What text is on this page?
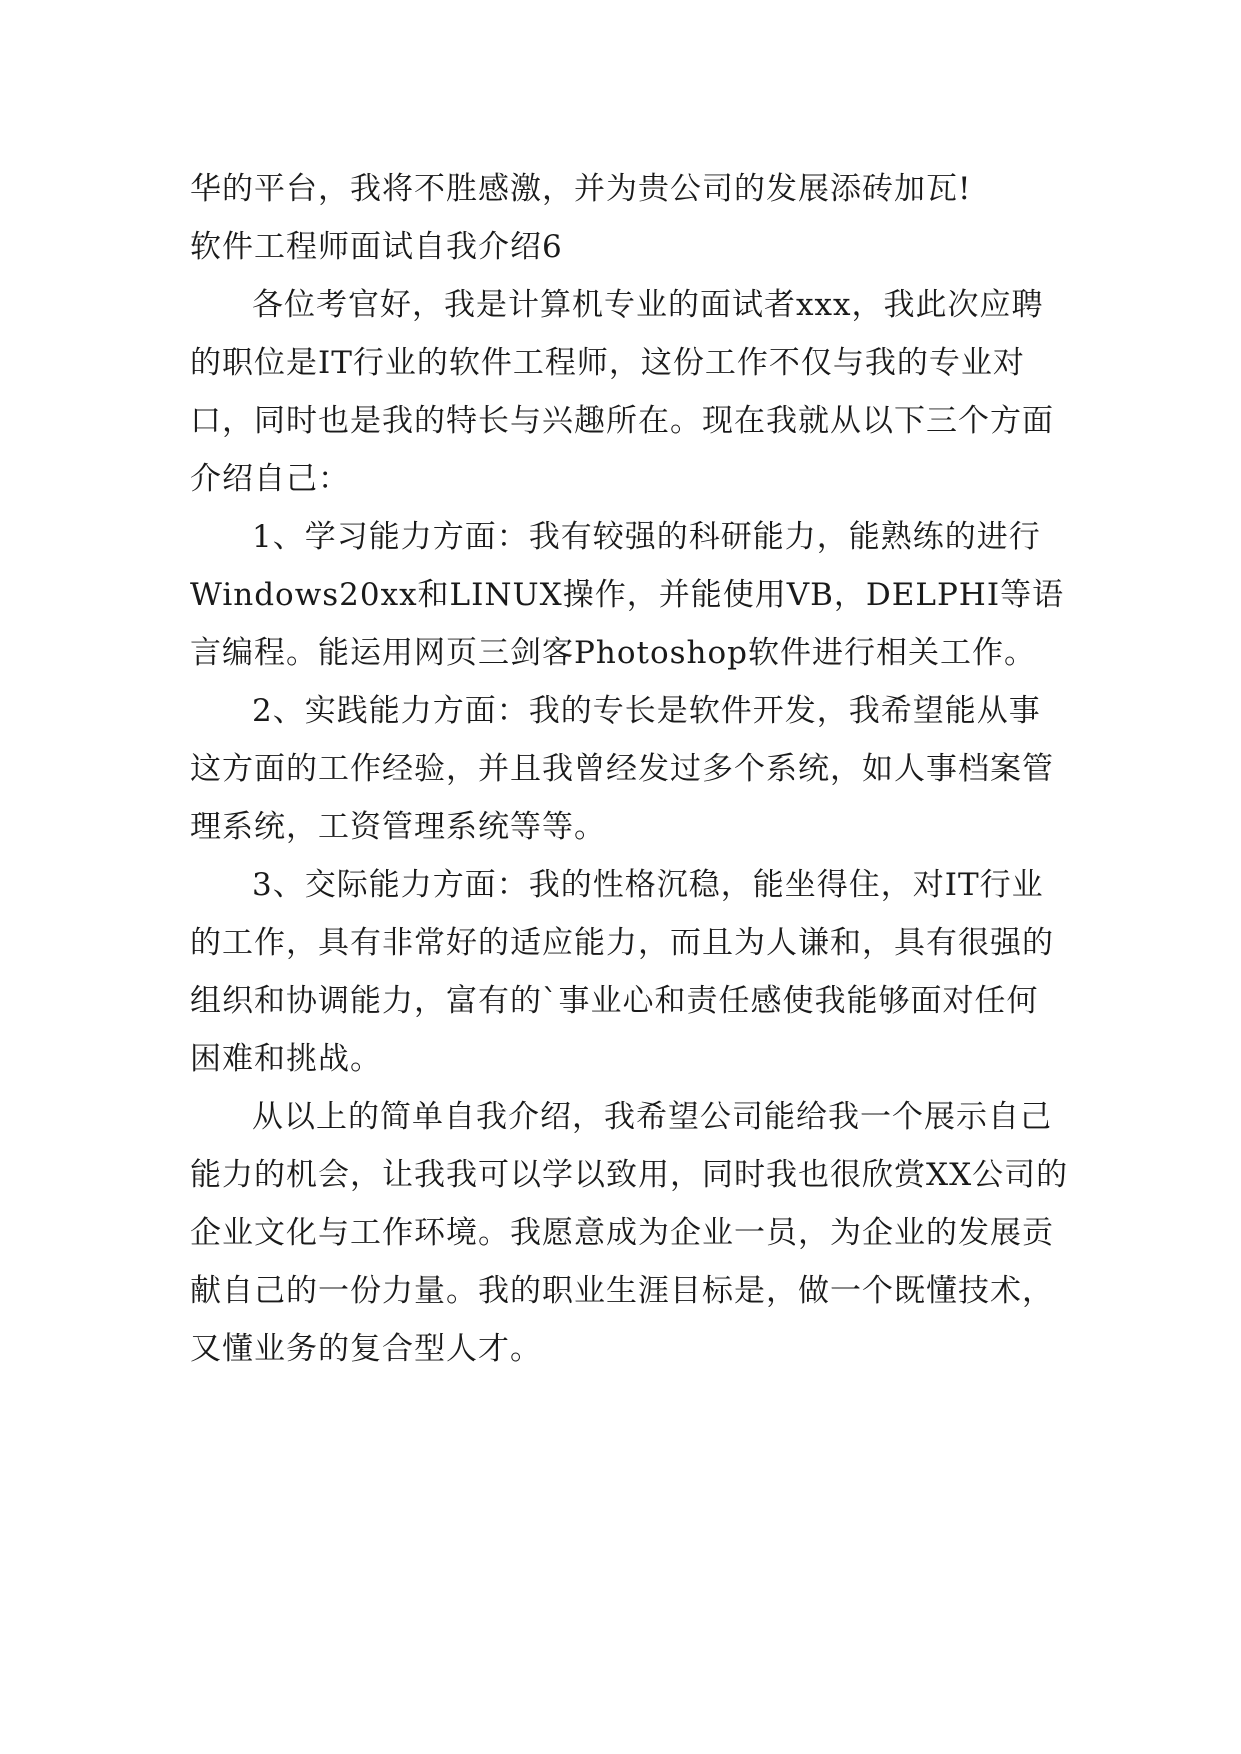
华的平台，我将不胜感激，并为贵公司的发展添砖加瓦!

软件工程师面试自我介绍6

各位考官好，我是计算机专业的面试者xxx，我此次应聘的职位是IT行业的软件工程师，这份工作不仅与我的专业对口，同时也是我的特长与兴趣所在。现在我就从以下三个方面介绍自己：

1、学习能力方面：我有较强的科研能力，能熟练的进行Windows20xx和LINUX操作，并能使用VB，DELPHI等语言编程。能运用网页三剑客Photoshop软件进行相关工作。

2、实践能力方面：我的专长是软件开发，我希望能从事这方面的工作经验，并且我曾经发过多个系统，如人事档案管理系统，工资管理系统等等。

3、交际能力方面：我的性格沉稳，能坐得住，对IT行业的工作，具有非常好的适应能力，而且为人谦和，具有很强的组织和协调能力，富有的`事业心和责任感使我能够面对任何困难和挑战。

从以上的简单自我介绍，我希望公司能给我一个展示自己能力的机会，让我我可以学以致用，同时我也很欣赏XX公司的企业文化与工作环境。我愿意成为企业一员，为企业的发展贡献自己的一份力量。我的职业生涯目标是，做一个既懂技术，又懂业务的复合型人才。
